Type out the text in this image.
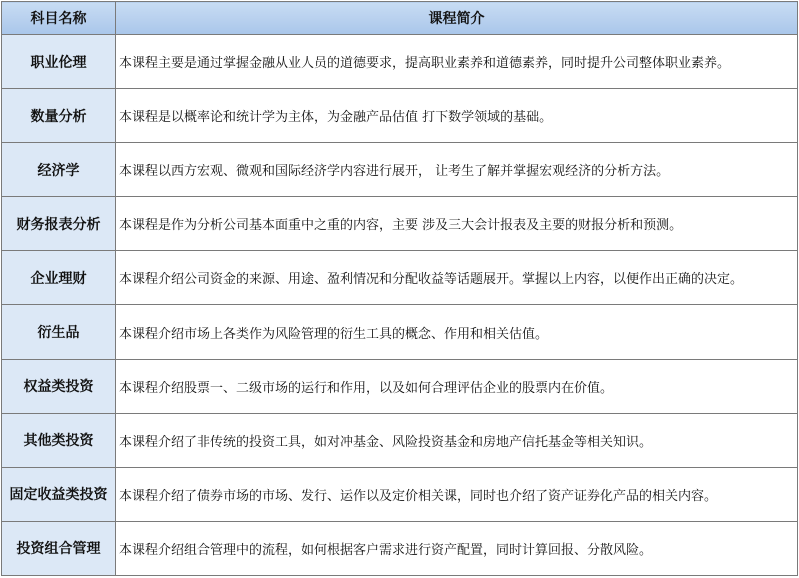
科目名称	课程简介
职业伦理	本课程主要是通过掌握金融从业人员的道德要求，提高职业素养和道德素养，同时提升公司整体职业素养。
数量分析	本课程是以概率论和统计学为主体，为金融产品估值 打下数学领域的基础。
经济学	本课程以西方宏观、微观和国际经济学内容进行展开， 让考生了解并掌握宏观经济的分析方法。
财务报表分析	本课程是作为分析公司基本面重中之重的内容，主要 涉及三大会计报表及主要的财报分析和预测。
企业理财	本课程介绍公司资金的来源、用途、盈利情况和分配收益等话题展开。掌握以上内容，以便作出正确的决定。
衍生品	本课程介绍市场上各类作为风险管理的衍生工具的概念、作用和相关估值。
权益类投资	本课程介绍股票一、二级市场的运行和作用，以及如何合理评估企业的股票内在价值。
其他类投资	本课程介绍了非传统的投资工具，如对冲基金、风险投资基金和房地产信托基金等相关知识。
固定收益类投资	本课程介绍了债券市场的市场、发行、运作以及定价相关课，同时也介绍了资产证券化产品的相关内容。
投资组合管理	本课程介绍组合管理中的流程，如何根据客户需求进行资产配置，同时计算回报、分散风险。
